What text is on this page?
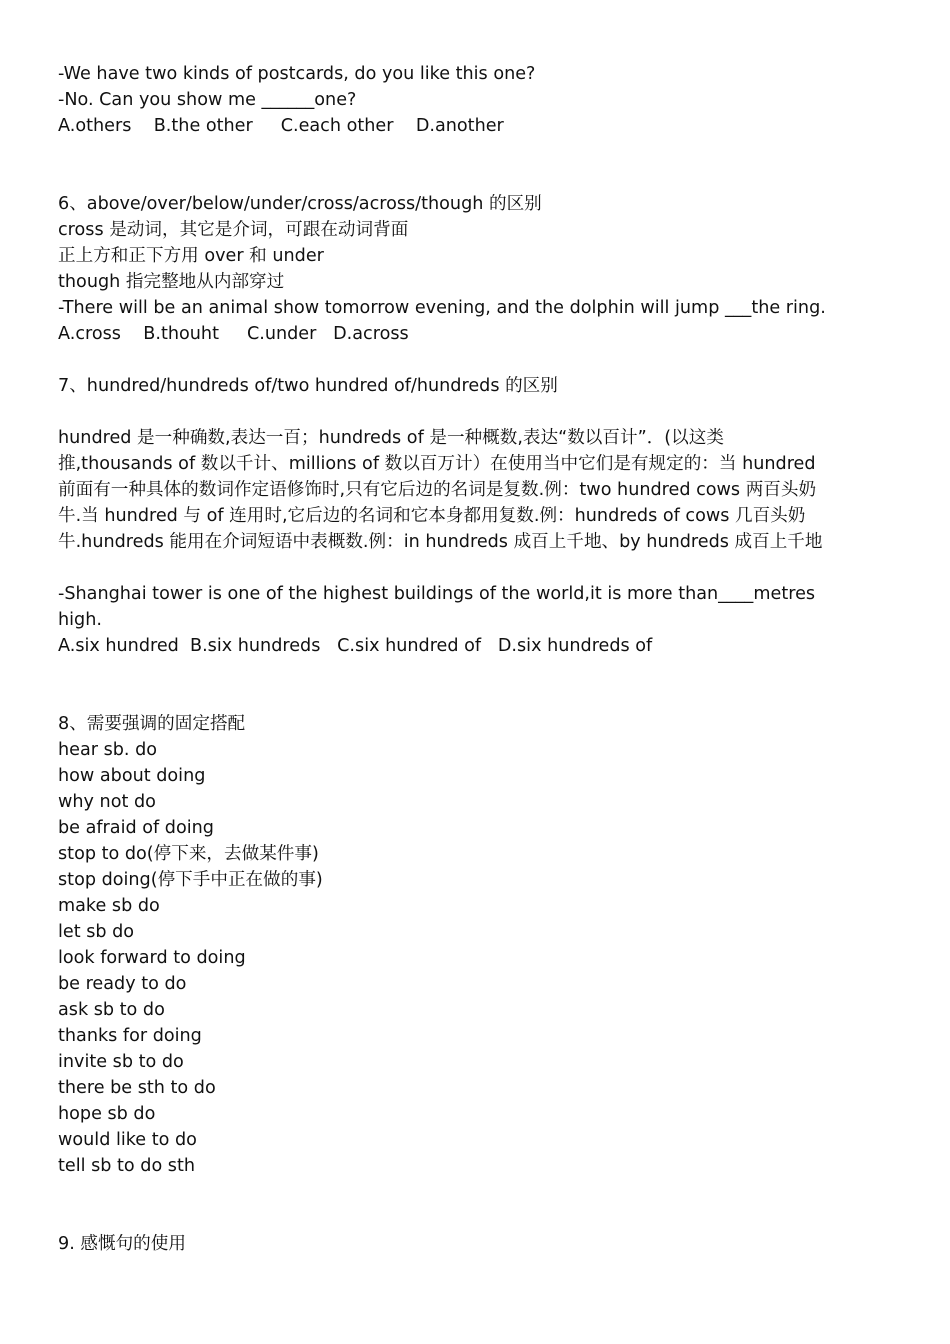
-We have two kinds of postcards, do you like this one?

-No. Can you show me ______one?

A.others    B.the other     C.each other    D.another

6、above/over/below/under/cross/across/though 的区别

cross 是动词，其它是介词，可跟在动词背面

正上方和正下方用 over 和 under

though 指完整地从内部穿过

-There will be an animal show tomorrow evening, and the dolphin will jump ___the ring.

A.cross    B.thouht     C.under   D.across

7、hundred/hundreds of/two hundred of/hundreds 的区别

hundred 是一种确数,表达一百；hundreds of 是一种概数,表达“数以百计”．(以这类

推,thousands of 数以千计、millions of 数以百万计）在使用当中它们是有规定的：当 hundred

前面有一种具体的数词作定语修饰时,只有它后边的名词是复数.例：two hundred cows 两百头奶

牛.当 hundred 与 of 连用时,它后边的名词和它本身都用复数.例：hundreds of cows 几百头奶

牛.hundreds 能用在介词短语中表概数.例：in hundreds 成百上千地、by hundreds 成百上千地

-Shanghai tower is one of the highest buildings of the world,it is more than____metres

high.

A.six hundred  B.six hundreds   C.six hundred of   D.six hundreds of

8、需要强调的固定搭配

hear sb. do

how about doing

why not do

be afraid of doing

stop to do(停下来，去做某件事)

stop doing(停下手中正在做的事)

make sb do

let sb do

look forward to doing

be ready to do

ask sb to do

thanks for doing

invite sb to do

there be sth to do

hope sb do

would like to do

tell sb to do sth

9. 感慨句的使用
